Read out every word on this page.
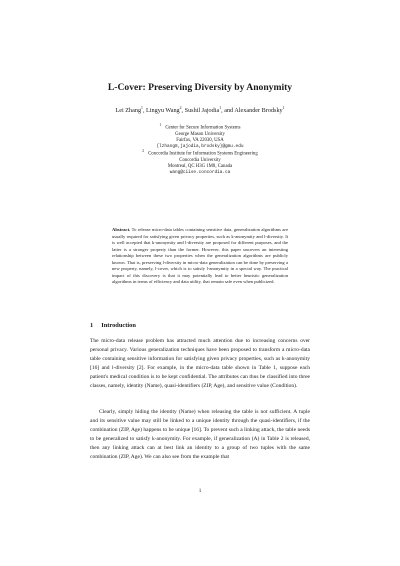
L-Cover: Preserving Diversity by Anonymity
Lei Zhang$^1$, Lingyu Wang$^2$, Sushil Jajodia$^1$, and Alexander Brodsky$^1$
$^1$Center for Secure Information Systems
George Mason University
Fairfax, VA 22030, USA
{lzhang8,jajodia,brodsky}@gmu.edu
$^2$Concordia Institute for Information Systems Engineering
Concordia University
Montreal, QC H3G 1M8, Canada
wang@ciise.concordia.ca
Abstract. To release micro-data tables containing sensitive data, generalization algorithms are usually required for satisfying given privacy properties, such as k-anonymity and l-diversity. It is well accepted that k-anonymity and l-diversity are proposed for different purposes, and the latter is a stronger property than the former. However, this paper uncovers an interesting relationship between these two properties when the generalization algorithms are publicly known. That is, preserving l-diversity in micro-data generalization can be done by preserving a new property, namely, l-cover, which is to satisfy l-anonymity in a special way. The practical impact of this discovery is that it may potentially lead to better heuristic generalization algorithms in terms of efficiency and data utility, that remain safe even when publicized.
1 Introduction

The micro-data release problem has attracted much attention due to increasing concerns over personal privacy. Various generalization techniques have been proposed to transform a micro-data table containing sensitive information for satisfying given privacy properties, such as k-anonymity [16] and l-diversity [2]. For example, in the micro-data table shown in Table 1, suppose each patient's medical condition is to be kept confidential. The attributes can thus be classified into three classes, namely, identity (Name), quasi-identifiers (ZIP, Age), and sensitive value (Condition).

Clearly, simply hiding the identity (Name) when releasing the table is not sufficient. A tuple and its sensitive value may still be linked to a unique identity through the quasi-identifiers, if the combination (ZIP, Age) happens to be unique [16]. To prevent such a linking attack, the table needs to be generalized to satisfy k-anonymity. For example, if generalization (A) in Table 2 is released, then any linking attack can at best link an identity to a group of two tuples with the same combination (ZIP, Age). We can also see from the example that

1
